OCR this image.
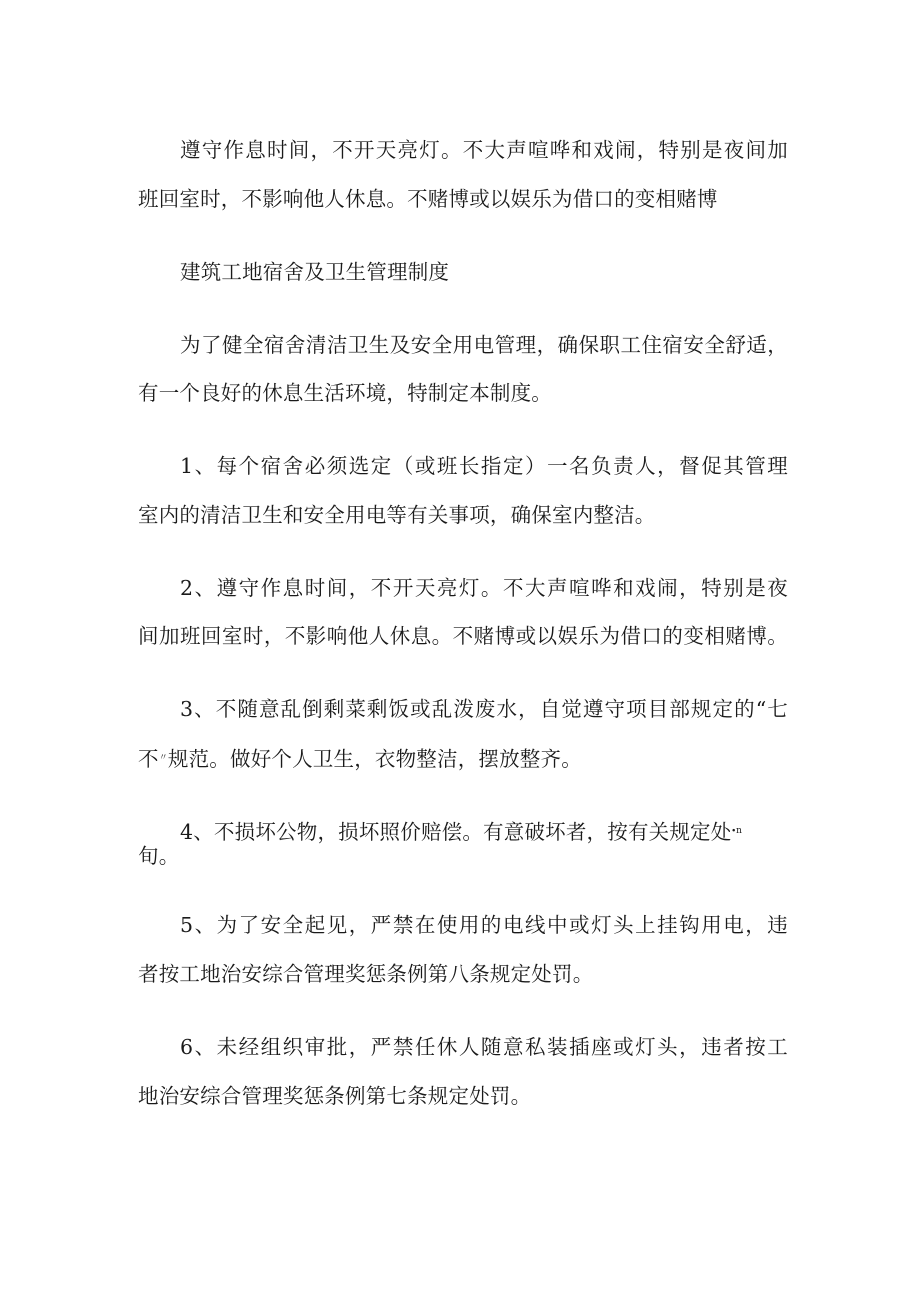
遵守作息时间，不开天亮灯。不大声喧哗和戏闹，特别是夜间加
班回室时，不影响他人休息。不赌博或以娱乐为借口的变相赌博
建筑工地宿舍及卫生管理制度
为了健全宿舍清洁卫生及安全用电管理，确保职工住宿安全舒适，
有一个良好的休息生活环境，特制定本制度。
1、每个宿舍必须选定（或班长指定）一名负责人，督促其管理
室内的清洁卫生和安全用电等有关事项，确保室内整洁。
2、遵守作息时间，不开天亮灯。不大声喧哗和戏闹，特别是夜
间加班回室时，不影响他人休息。不赌博或以娱乐为借口的变相赌博。
3、不随意乱倒剩菜剩饭或乱泼废水，自觉遵守项目部规定的“七
不〃规范。做好个人卫生，衣物整洁，摆放整齐。
4、不损坏公物，损坏照价赔偿。有意破坏者，按有关规定处$^{\cdot n}$
旬。
5、为了安全起见，严禁在使用的电线中或灯头上挂钩用电，违
者按工地治安综合管理奖惩条例第八条规定处罚。
6、未经组织审批，严禁任休人随意私装插座或灯头，违者按工
地治安综合管理奖惩条例第七条规定处罚。
